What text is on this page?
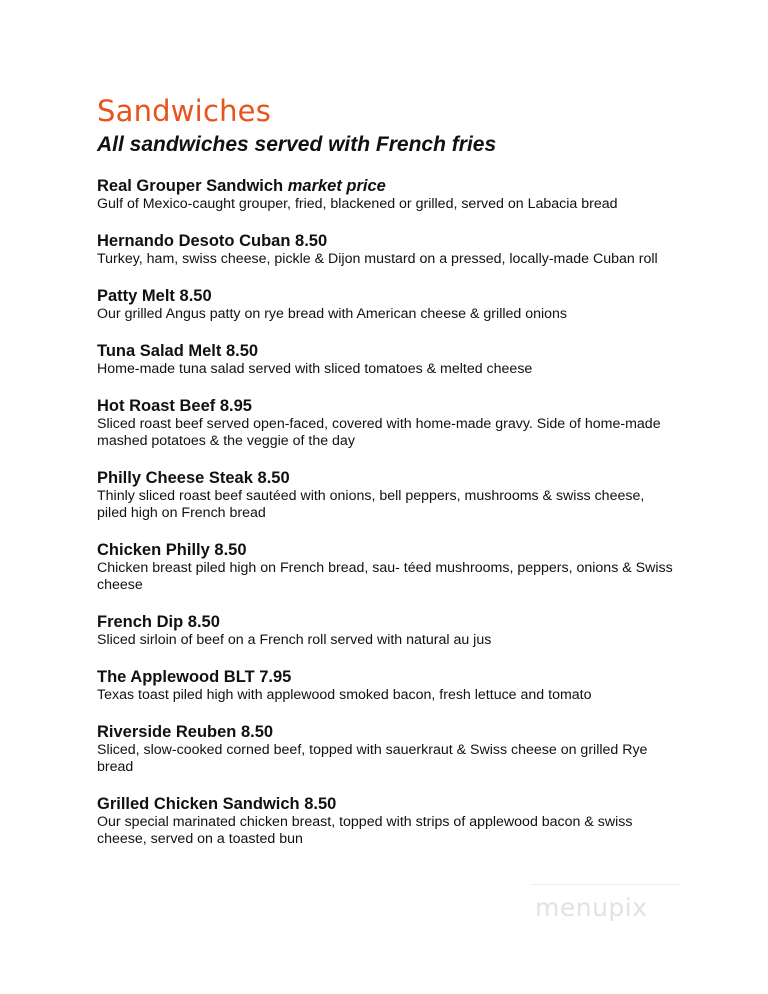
Sandwiches
All sandwiches served with French fries
Real Grouper Sandwich market price
Gulf of Mexico-caught grouper, fried, blackened or grilled, served on Labacia bread
Hernando Desoto Cuban 8.50
Turkey, ham, swiss cheese, pickle & Dijon mustard on a pressed, locally-made Cuban roll
Patty Melt 8.50
Our grilled Angus patty on rye bread with American cheese & grilled onions
Tuna Salad Melt 8.50
Home-made tuna salad served with sliced tomatoes & melted cheese
Hot Roast Beef 8.95
Sliced roast beef served open-faced, covered with home-made gravy. Side of home-made mashed potatoes & the veggie of the day
Philly Cheese Steak 8.50
Thinly sliced roast beef sautéed with onions, bell peppers, mushrooms & swiss cheese, piled high on French bread
Chicken Philly 8.50
Chicken breast piled high on French bread, sau- téed mushrooms, peppers, onions & Swiss cheese
French Dip 8.50
Sliced sirloin of beef on a French roll served with natural au jus
The Applewood BLT 7.95
Texas toast piled high with applewood smoked bacon, fresh lettuce and tomato
Riverside Reuben 8.50
Sliced, slow-cooked corned beef, topped with sauerkraut & Swiss cheese on grilled Rye bread
Grilled Chicken Sandwich 8.50
Our special marinated chicken breast, topped with strips of applewood bacon & swiss cheese, served on a toasted bun
menupix
